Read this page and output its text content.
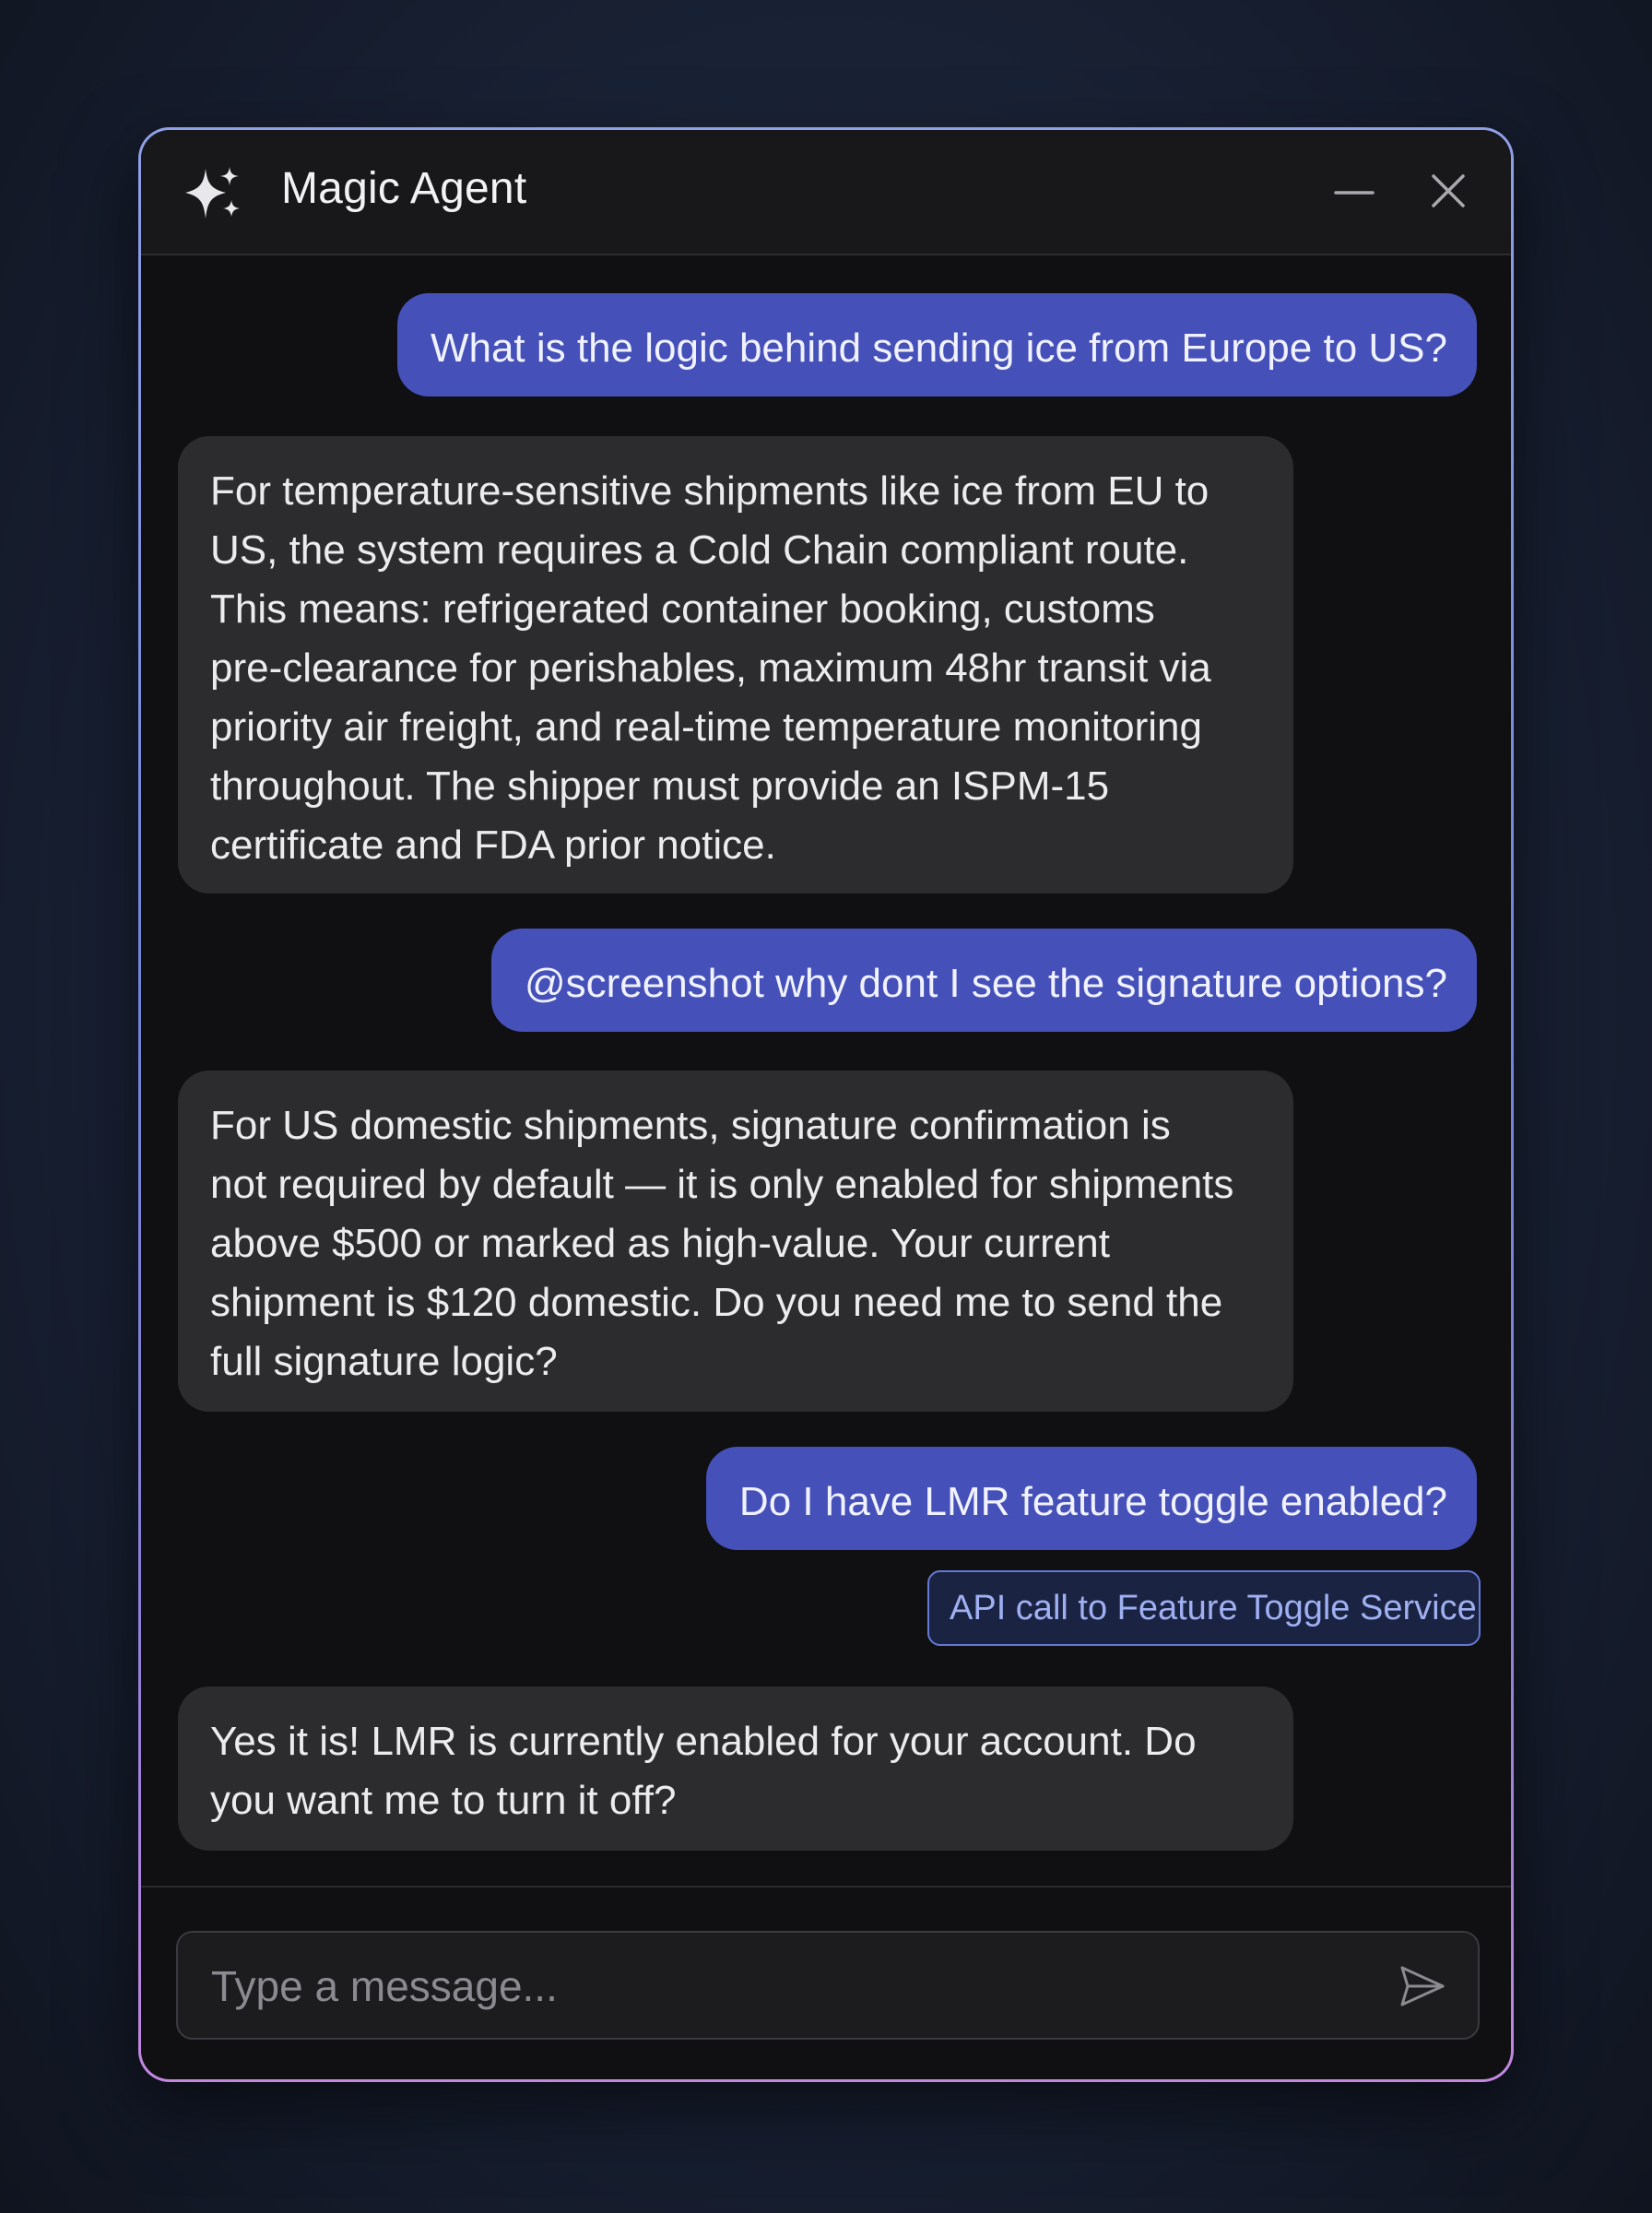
Magic Agent
What is the logic behind sending ice from Europe to US?
For temperature-sensitive shipments like ice from EU to
US, the system requires a Cold Chain compliant route.
This means: refrigerated container booking, customs
pre-clearance for perishables, maximum 48hr transit via
priority air freight, and real-time temperature monitoring
throughout. The shipper must provide an ISPM-15
certificate and FDA prior notice.
@screenshot why dont I see the signature options?
For US domestic shipments, signature confirmation is
not required by default — it is only enabled for shipments
above $500 or marked as high-value. Your current
shipment is $120 domestic. Do you need me to send the
full signature logic?
Do I have LMR feature toggle enabled?
API call to Feature Toggle Service
Yes it is! LMR is currently enabled for your account. Do
you want me to turn it off?
Type a message...
